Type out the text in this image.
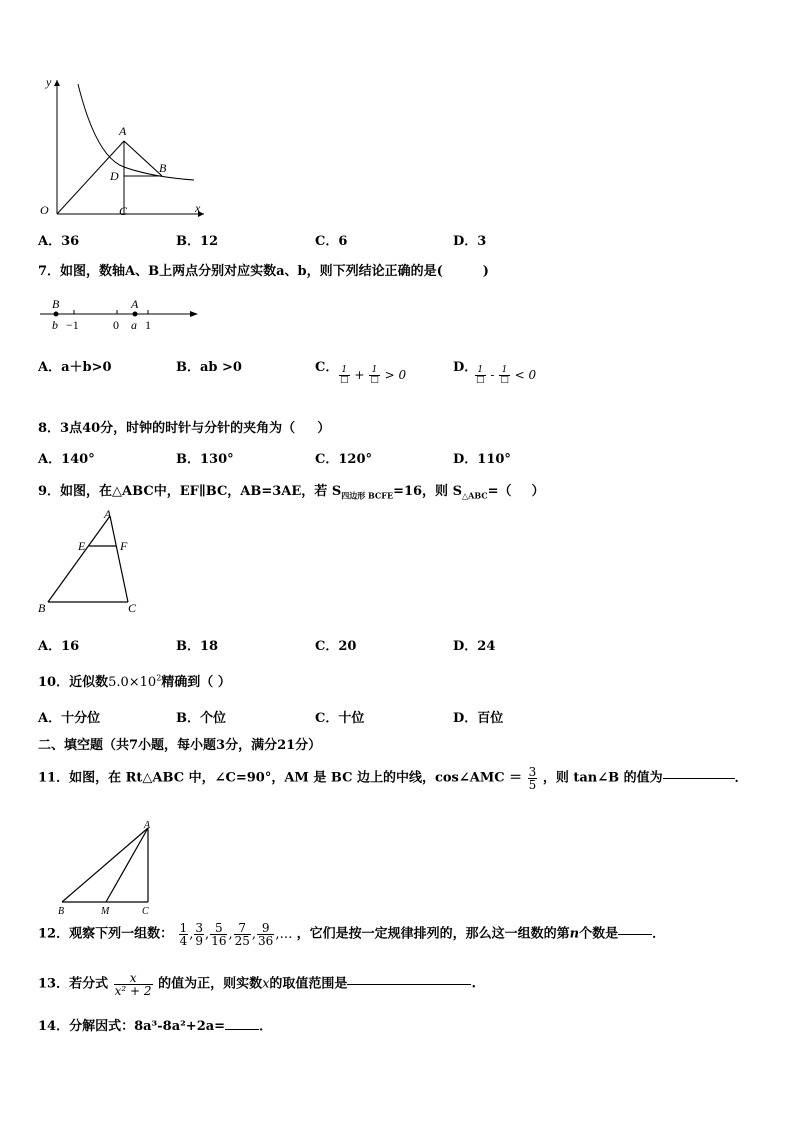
y
x
O
A
B
C
D
A．36	B．12	C．6	D．3
7．如图，数轴A、B上两点分别对应实数a、b，则下列结论正确的是(	)
B	A
b −1	0 a 1
A．a＋b>0	B．ab >0	C． $\frac{1}{□} + \frac{1}{□} > 0$	D．
$\frac{1}{□} - \frac{1}{□} < 0$
8．3点40分，时钟的时针与分针的夹角为（ ）
A．140°	B．130°	C．120°	D．110°
9．如图，在△ABC中，EF∥BC，AB=3AE，若 $S_{四边形 BCFE}=16$，则 $S_{\triangle ABC}=$（ ）
A
E	F
B	C
A．16	B．18	C．20	D．24
10．近似数$5.0\times 10^2$精确到（ ）
A．十分位	B．个位	C．十位	D．百位
二、填空题（共7小题，每小题3分，满分21分）
11．如图，在 Rt△ABC 中，∠C=90°，AM 是 BC 边上的中线，cos∠AMC ＝ $\frac{3}{5}$ ，则 tan∠B 的值为	．
A
B	M	C
12．观察下列一组数： $\frac{1}{4}$ , $\frac{3}{9}$ , $\frac{5}{16}$ , $\frac{7}{25}$ , $\frac{9}{36}$ ,… ，它们是按一定规律排列的，那么这一组数的第n个数是	．
13．若分式 $\frac{x}{\text{x² + 2}}$ 的值为正，则实数x的取值范围是	.
14．分解因式：8a³-8a²+2a=	．
